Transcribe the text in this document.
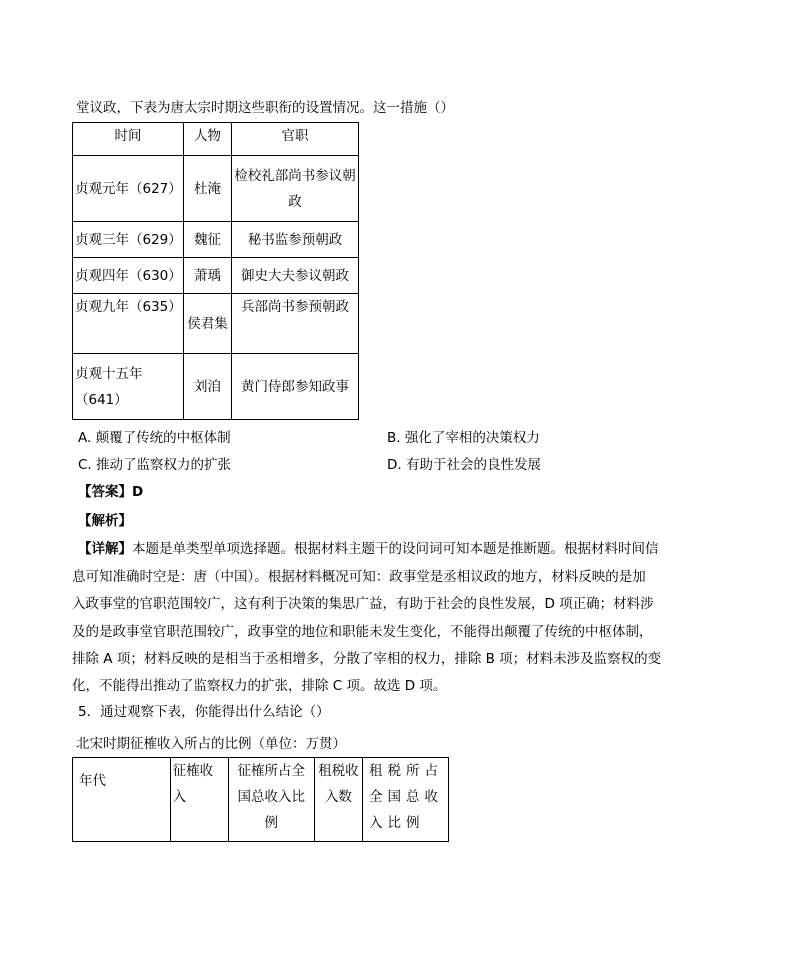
堂议政，下表为唐太宗时期这些职衔的设置情况。这一措施（）
时间	人物	官职
贞观元年（627）	杜淹	检校礼部尚书参议朝政
贞观三年（629）	魏征	秘书监参预朝政
贞观四年（630）	萧瑀	御史大夫参议朝政
贞观九年（635）	侯君集	兵部尚书参预朝政
贞观十五年（641）	刘洎	黄门侍郎参知政事
A. 颠覆了传统的中枢体制	B. 强化了宰相的决策权力
C. 推动了监察权力的扩张	D. 有助于社会的良性发展
【答案】D
【解析】
【详解】本题是单类型单项选择题。根据材料主题干的设问词可知本题是推断题。根据材料时间信
息可知准确时空是：唐（中国）。根据材料概况可知：政事堂是丞相议政的地方，材料反映的是加
入政事堂的官职范围较广，这有利于决策的集思广益，有助于社会的良性发展，D 项正确；材料涉
及的是政事堂官职范围较广，政事堂的地位和职能未发生变化，不能得出颠覆了传统的中枢体制，
排除 A 项；材料反映的是相当于丞相增多，分散了宰相的权力，排除 B 项；材料未涉及监察权的变
化，不能得出推动了监察权力的扩张，排除 C 项。故选 D 项。
5．通过观察下表，你能得出什么结论（）
北宋时期征榷收入所占的比例（单位：万贯）
年代	征榷收入	征榷所占全国总收入比例	租税收入数	租税所占全国总收入比例
